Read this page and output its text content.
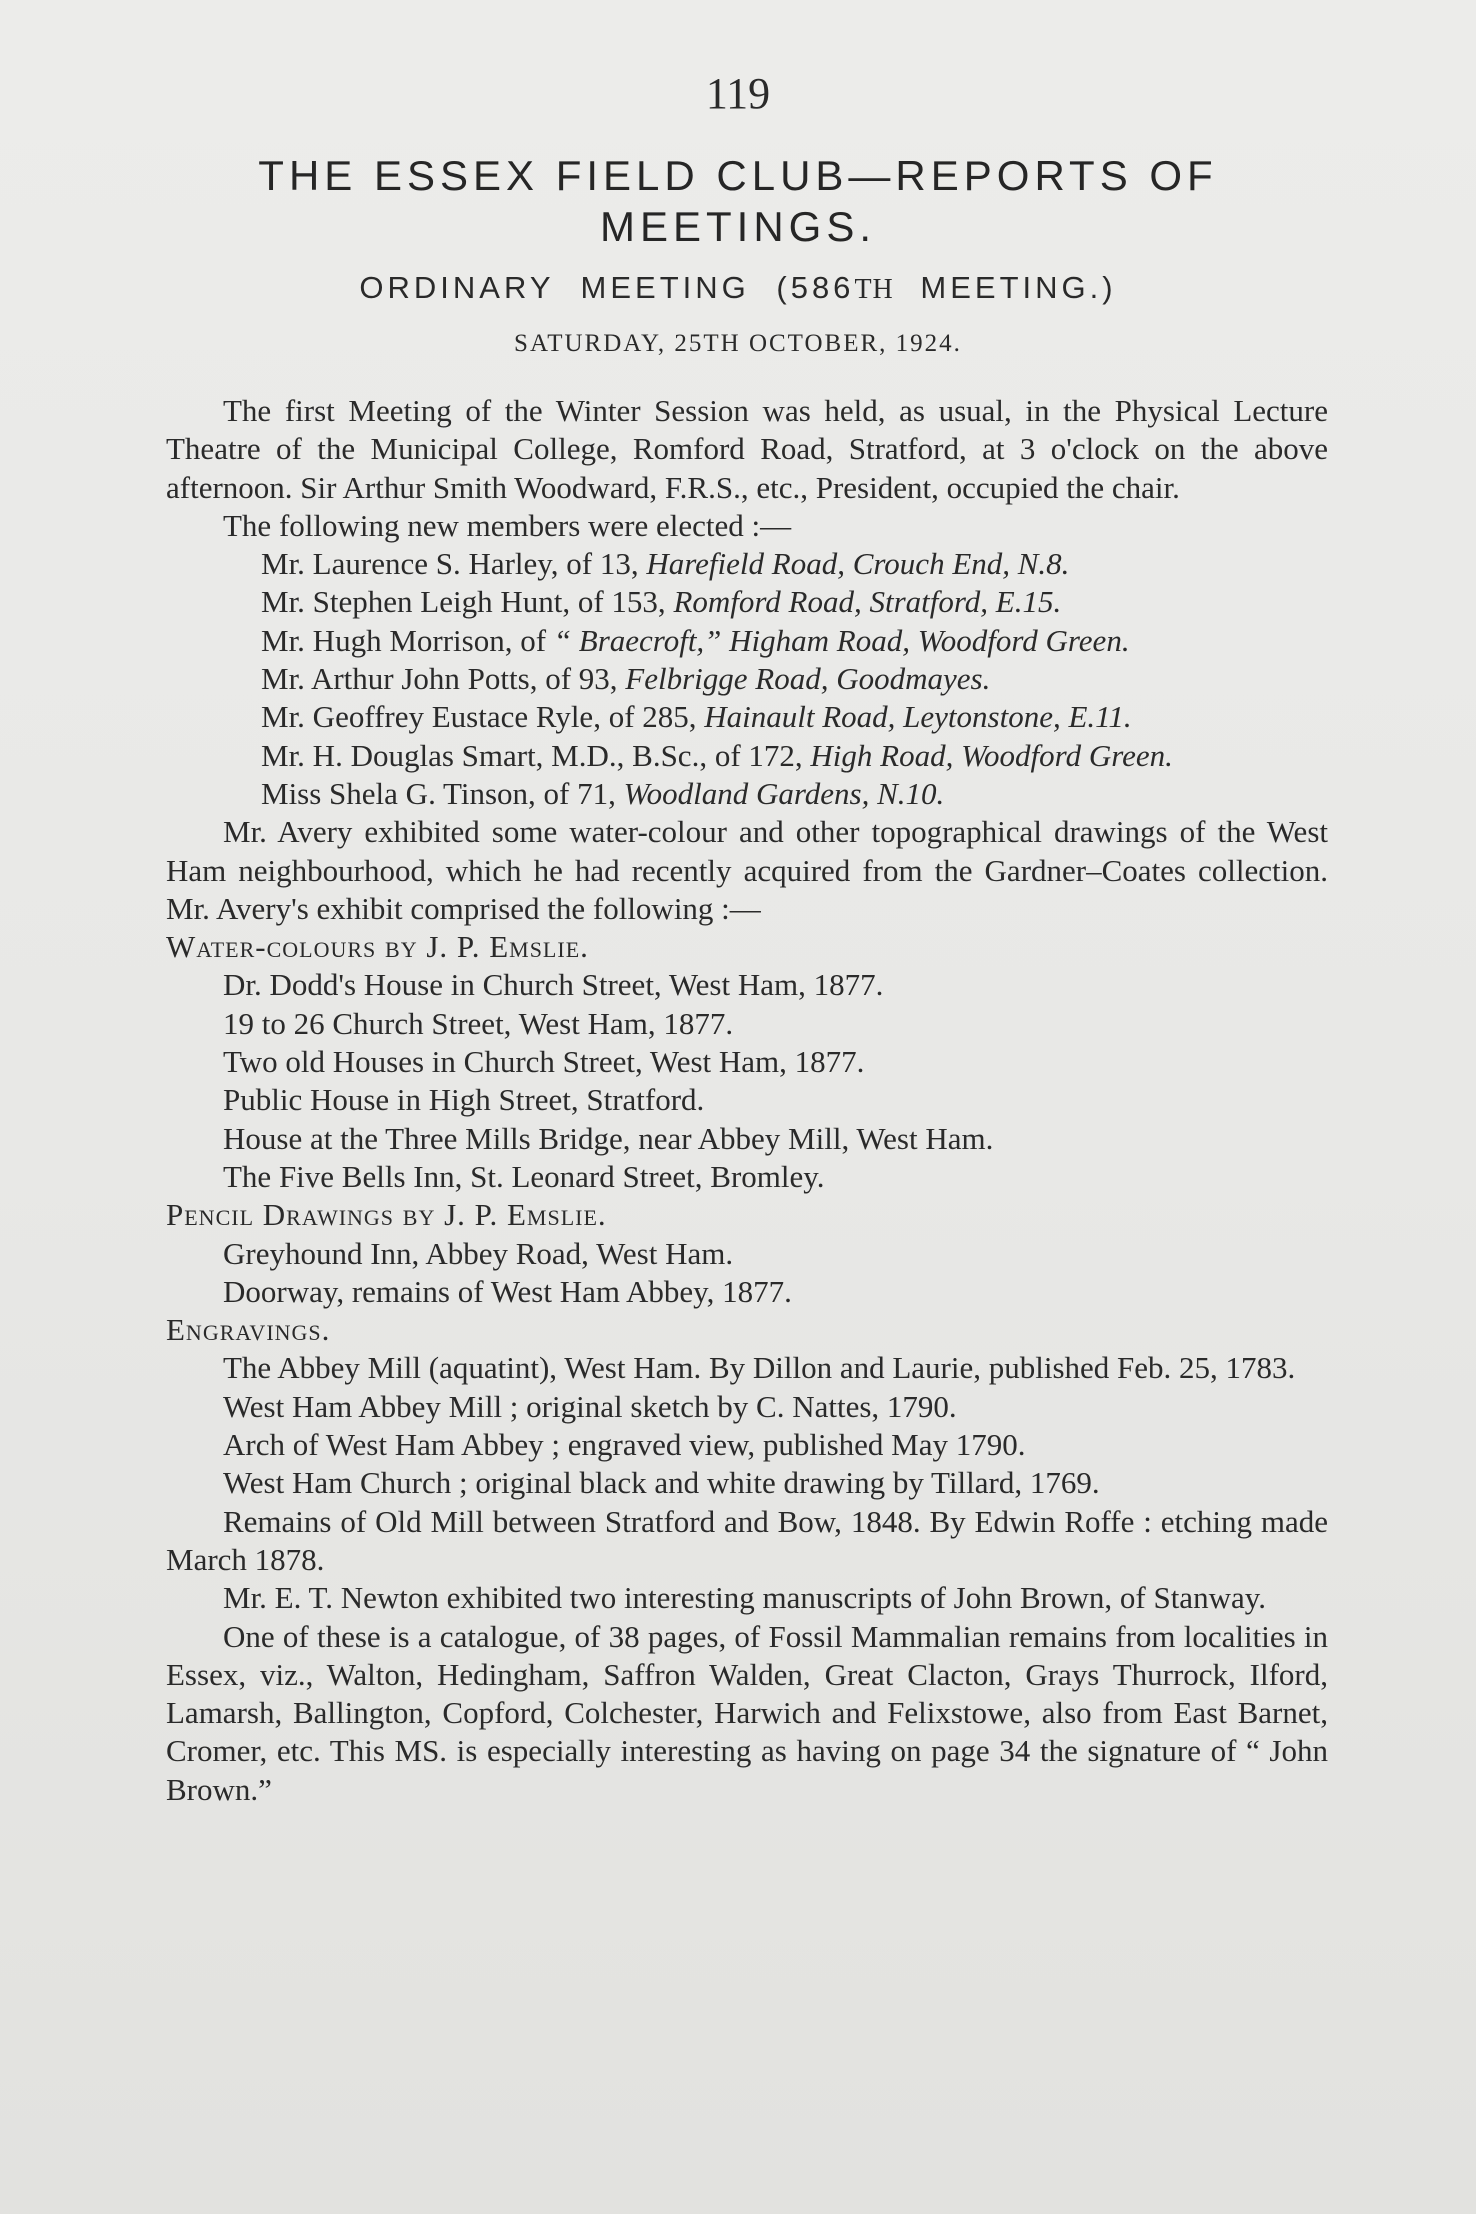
119
THE ESSEX FIELD CLUB—REPORTS OF
MEETINGS.
ORDINARY MEETING (586TH MEETING.)
SATURDAY, 25TH OCTOBER, 1924.

The first Meeting of the Winter Session was held, as usual, in the Physical Lecture Theatre of the Municipal College, Romford Road, Stratford, at 3 o'clock on the above afternoon. Sir Arthur Smith Woodward, F.R.S., etc., President, occupied the chair.

The following new members were elected :—

Mr. Laurence S. Harley, of 13, Harefield Road, Crouch End, N.8.

Mr. Stephen Leigh Hunt, of 153, Romford Road, Stratford, E.15.

Mr. Hugh Morrison, of “ Braecroft,” Higham Road, Woodford Green.

Mr. Arthur John Potts, of 93, Felbrigge Road, Goodmayes.

Mr. Geoffrey Eustace Ryle, of 285, Hainault Road, Leytonstone, E.11.

Mr. H. Douglas Smart, M.D., B.Sc., of 172, High Road, Woodford Green.

Miss Shela G. Tinson, of 71, Woodland Gardens, N.10.

Mr. Avery exhibited some water-colour and other topographical drawings of the West Ham neighbourhood, which he had recently acquired from the Gardner–Coates collection. Mr. Avery's exhibit comprised the following :—

Water-colours by J. P. Emslie.

Dr. Dodd's House in Church Street, West Ham, 1877.

19 to 26 Church Street, West Ham, 1877.

Two old Houses in Church Street, West Ham, 1877.

Public House in High Street, Stratford.

House at the Three Mills Bridge, near Abbey Mill, West Ham.

The Five Bells Inn, St. Leonard Street, Bromley.

Pencil Drawings by J. P. Emslie.

Greyhound Inn, Abbey Road, West Ham.

Doorway, remains of West Ham Abbey, 1877.

Engravings.

The Abbey Mill (aquatint), West Ham. By Dillon and Laurie, published Feb. 25, 1783.

West Ham Abbey Mill ; original sketch by C. Nattes, 1790.

Arch of West Ham Abbey ; engraved view, published May 1790.

West Ham Church ; original black and white drawing by Tillard, 1769.

Remains of Old Mill between Stratford and Bow, 1848. By Edwin Roffe : etching made March 1878.

Mr. E. T. Newton exhibited two interesting manuscripts of John Brown, of Stanway.

One of these is a catalogue, of 38 pages, of Fossil Mammalian remains from localities in Essex, viz., Walton, Hedingham, Saffron Walden, Great Clacton, Grays Thurrock, Ilford, Lamarsh, Ballington, Copford, Colchester, Harwich and Felixstowe, also from East Barnet, Cromer, etc. This MS. is especially interesting as having on page 34 the signature of “ John Brown.”
